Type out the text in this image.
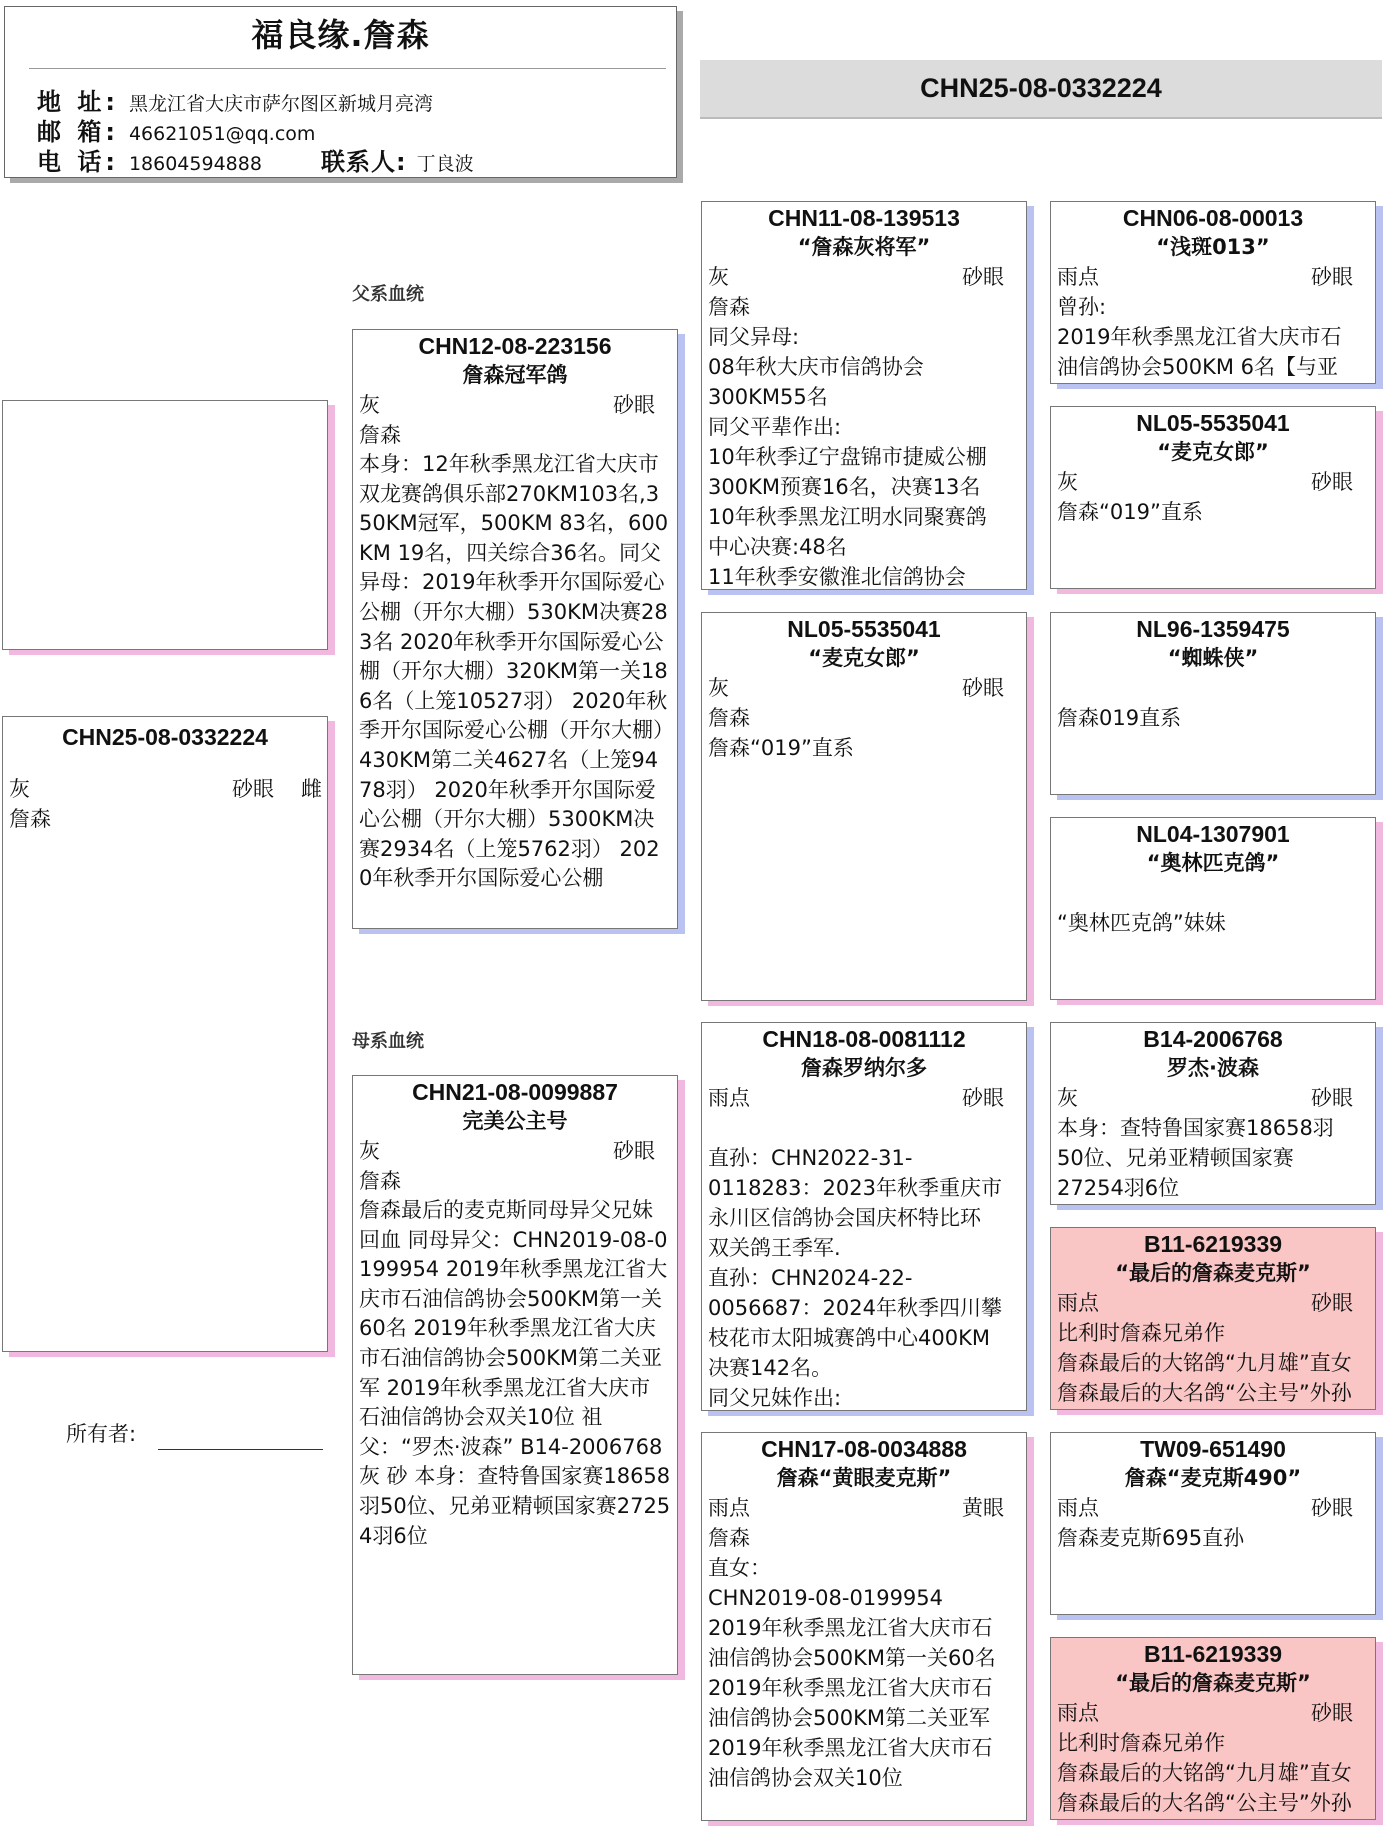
福良缘.詹森
地 址: 黑龙江省大庆市萨尔图区新城月亮湾
邮 箱: 46621051@qq.com
电 话: 18604594888 联系人: 丁良波
CHN25-08-0332224
CHN25-08-0332224
灰	砂眼 雌
詹森
所有者:
父系血统
母系血统
CHN12-08-223156
詹森冠军鸽
灰	砂眼
詹森
本身：12年秋季黑龙江省大庆市双龙赛鸽俱乐部270KM103名,350KM冠军，500KM 83名，600KM 19名，四关综合36名。同父异母：2019年秋季开尔国际爱心公棚（开尔大棚）530KM决赛283名 2020年秋季开尔国际爱心公棚（开尔大棚）320KM第一关186名（上笼10527羽） 2020年秋季开尔国际爱心公棚（开尔大棚）430KM第二关4627名（上笼9478羽） 2020年秋季开尔国际爱心公棚（开尔大棚）5300KM决赛2934名（上笼5762羽） 2020年秋季开尔国际爱心公棚
CHN21-08-0099887
完美公主号
灰	砂眼
詹森
詹森最后的麦克斯同母异父兄妹回血 同母异父：CHN2019-08-0199954 2019年秋季黑龙江省大庆市石油信鸽协会500KM第一关60名 2019年秋季黑龙江省大庆市石油信鸽协会500KM第二关亚军 2019年秋季黑龙江省大庆市石油信鸽协会双关10位 祖父：“罗杰·波森” B14-2006768 灰 砂 本身：查特鲁国家赛18658羽50位、兄弟亚精顿国家赛27254羽6位
CHN11-08-139513
“詹森灰将军”
灰	砂眼
詹森
同父异母:
08年秋大庆市信鸽协会
300KM55名
同父平辈作出:
10年秋季辽宁盘锦市捷威公棚
300KM预赛16名，决赛13名
10年秋季黑龙江明水同聚赛鸽
中心决赛:48名
11年秋季安徽淮北信鸽协会
NL05-5535041
“麦克女郎”
灰	砂眼
詹森
詹森“019”直系
CHN18-08-0081112
詹森罗纳尔多
雨点	砂眼
直孙：CHN2022-31-
0118283：2023年秋季重庆市
永川区信鸽协会国庆杯特比环
双关鸽王季军.
直孙：CHN2024-22-
0056687：2024年秋季四川攀
枝花市太阳城赛鸽中心400KM
决赛142名。
同父兄妹作出:
CHN17-08-0034888
詹森“黄眼麦克斯”
雨点	黄眼
詹森
直女：
CHN2019-08-0199954
2019年秋季黑龙江省大庆市石
油信鸽协会500KM第一关60名
2019年秋季黑龙江省大庆市石
油信鸽协会500KM第二关亚军
2019年秋季黑龙江省大庆市石
油信鸽协会双关10位
CHN06-08-00013
“浅斑013”
雨点	砂眼
曾孙:
2019年秋季黑龙江省大庆市石
油信鸽协会500KM 6名【与亚
NL05-5535041
“麦克女郎”
灰	砂眼
詹森“019”直系
NL96-1359475
“蜘蛛侠”
詹森019直系
NL04-1307901
“奥林匹克鸽”
“奥林匹克鸽”妹妹
B14-2006768
罗杰·波森
灰	砂眼
本身：查特鲁国家赛18658羽
50位、兄弟亚精顿国家赛
27254羽6位
B11-6219339
“最后的詹森麦克斯”
雨点	砂眼
比利时詹森兄弟作
詹森最后的大铭鸽“九月雄”直女
詹森最后的大名鸽“公主号”外孙
TW09-651490
詹森“麦克斯490”
雨点	砂眼
詹森麦克斯695直孙
B11-6219339
“最后的詹森麦克斯”
雨点	砂眼
比利时詹森兄弟作
詹森最后的大铭鸽“九月雄”直女
詹森最后的大名鸽“公主号”外孙
